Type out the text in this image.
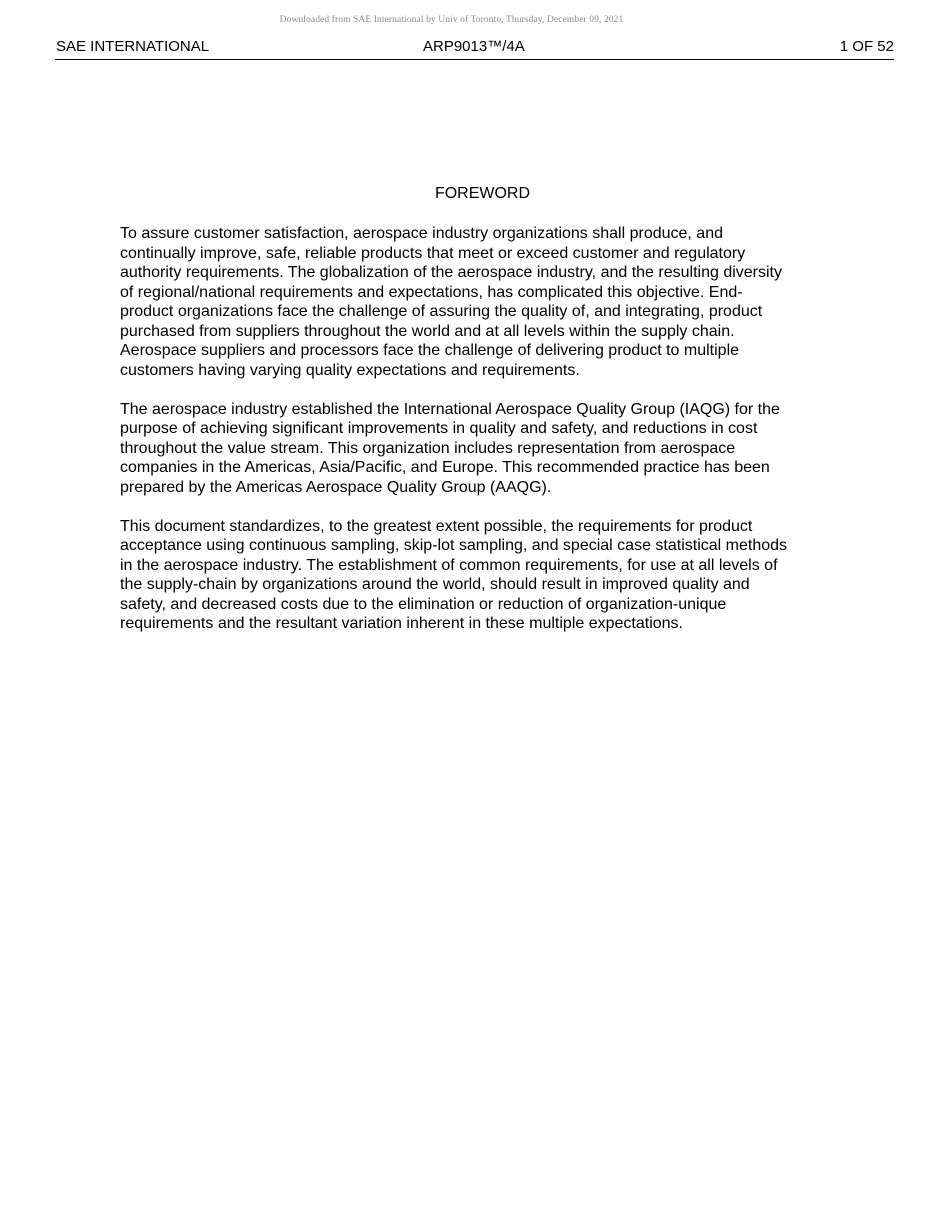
Downloaded from SAE International by Univ of Toronto, Thursday, December 09, 2021
SAE INTERNATIONAL	ARP9013™/4A	1 OF 52
FOREWORD

To assure customer satisfaction, aerospace industry organizations shall produce, and
continually improve, safe, reliable products that meet or exceed customer and regulatory
authority requirements. The globalization of the aerospace industry, and the resulting diversity
of regional/national requirements and expectations, has complicated this objective. End-
product organizations face the challenge of assuring the quality of, and integrating, product
purchased from suppliers throughout the world and at all levels within the supply chain.
Aerospace suppliers and processors face the challenge of delivering product to multiple
customers having varying quality expectations and requirements.

The aerospace industry established the International Aerospace Quality Group (IAQG) for the
purpose of achieving significant improvements in quality and safety, and reductions in cost
throughout the value stream. This organization includes representation from aerospace
companies in the Americas, Asia/Pacific, and Europe. This recommended practice has been
prepared by the Americas Aerospace Quality Group (AAQG).

This document standardizes, to the greatest extent possible, the requirements for product
acceptance using continuous sampling, skip-lot sampling, and special case statistical methods
in the aerospace industry. The establishment of common requirements, for use at all levels of
the supply-chain by organizations around the world, should result in improved quality and
safety, and decreased costs due to the elimination or reduction of organization-unique
requirements and the resultant variation inherent in these multiple expectations.
